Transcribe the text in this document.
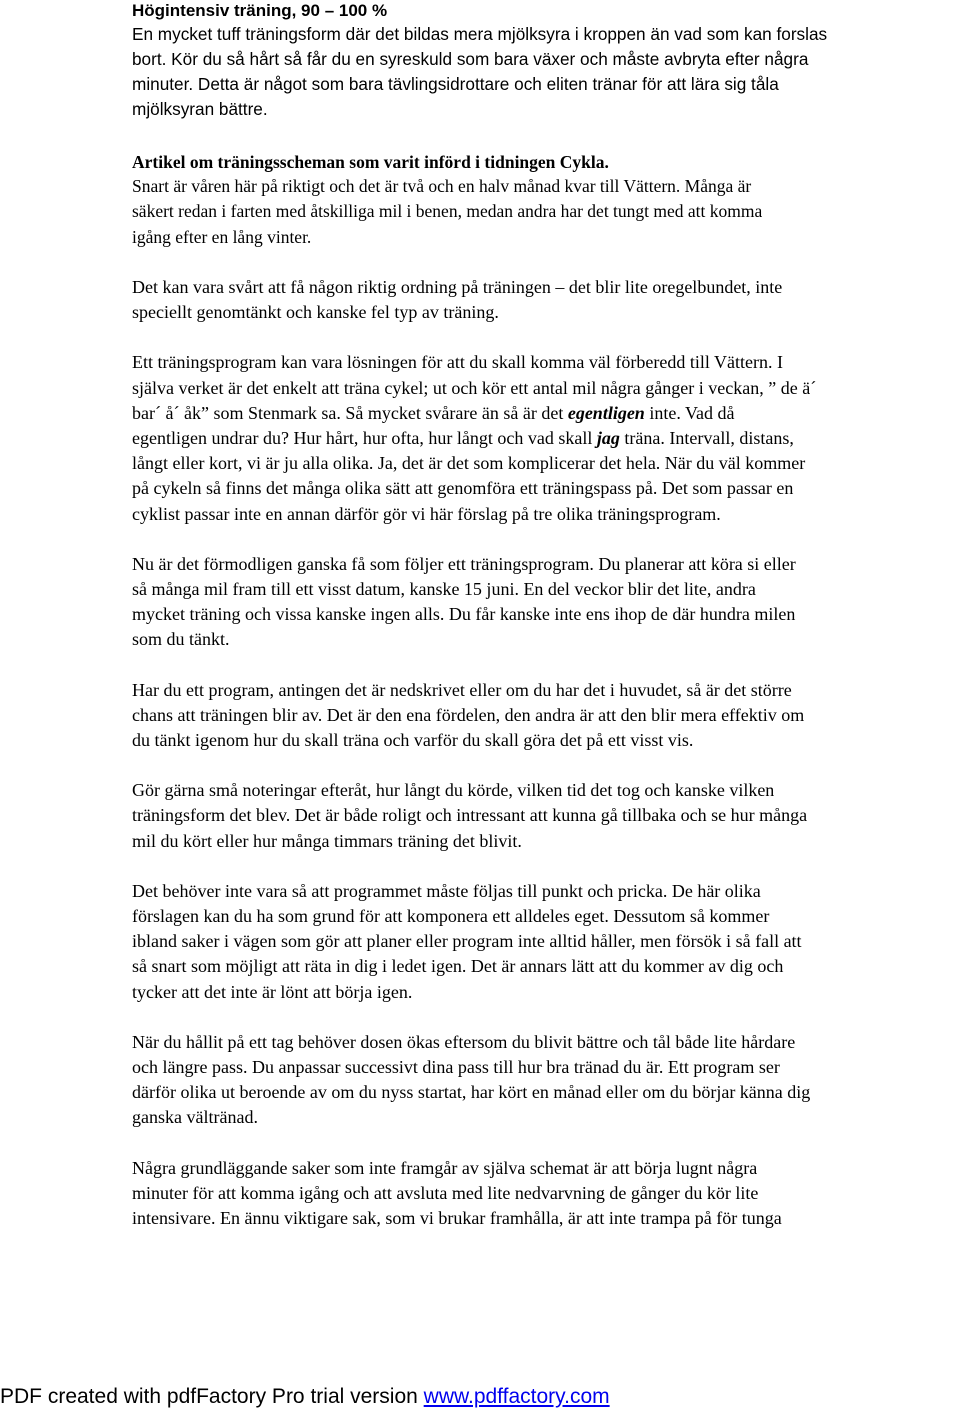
Högintensiv träning, 90 – 100 %
En mycket tuff träningsform där det bildas mera mjölksyra i kroppen än vad som kan forslas
bort. Kör du så hårt så får du en syreskuld som bara växer och måste avbryta efter några
minuter. Detta är något som bara tävlingsidrottare och eliten tränar för att lära sig tåla
mjölksyran bättre.
Artikel om träningsscheman som varit införd i tidningen Cykla.
Snart är våren här på riktigt och det är två och en halv månad kvar till Vättern. Många är
säkert redan i farten med åtskilliga mil i benen, medan andra har det tungt med att komma
igång efter en lång vinter.
Det kan vara svårt att få någon riktig ordning på träningen – det blir lite oregelbundet, inte
speciellt genomtänkt och kanske fel typ av träning.
Ett träningsprogram kan vara lösningen för att du skall komma väl förberedd till Vättern. I
själva verket är det enkelt att träna cykel; ut och kör ett antal mil några gånger i veckan, ” de ä´
bar´ å´ åk” som Stenmark sa. Så mycket svårare än så är det egentligen inte. Vad då
egentligen undrar du? Hur hårt, hur ofta, hur långt och vad skall jag träna. Intervall, distans,
långt eller kort, vi är ju alla olika. Ja, det är det som komplicerar det hela. När du väl kommer
på cykeln så finns det många olika sätt att genomföra ett träningspass på. Det som passar en
cyklist passar inte en annan därför gör vi här förslag på tre olika träningsprogram.
Nu är det förmodligen ganska få som följer ett träningsprogram. Du planerar att köra si eller
så många mil fram till ett visst datum, kanske 15 juni. En del veckor blir det lite, andra
mycket träning och vissa kanske ingen alls. Du får kanske inte ens ihop de där hundra milen
som du tänkt.
Har du ett program, antingen det är nedskrivet eller om du har det i huvudet, så är det större
chans att träningen blir av. Det är den ena fördelen, den andra är att den blir mera effektiv om
du tänkt igenom hur du skall träna och varför du skall göra det på ett visst vis.
Gör gärna små noteringar efteråt, hur långt du körde, vilken tid det tog och kanske vilken
träningsform det blev. Det är både roligt och intressant att kunna gå tillbaka och se hur många
mil du kört eller hur många timmars träning det blivit.
Det behöver inte vara så att programmet måste följas till punkt och pricka. De här olika
förslagen kan du ha som grund för att komponera ett alldeles eget. Dessutom så kommer
ibland saker i vägen som gör att planer eller program inte alltid håller, men försök i så fall att
så snart som möjligt att räta in dig i ledet igen. Det är annars lätt att du kommer av dig och
tycker att det inte är lönt att börja igen.
När du hållit på ett tag behöver dosen ökas eftersom du blivit bättre och tål både lite hårdare
och längre pass. Du anpassar successivt dina pass till hur bra tränad du är. Ett program ser
därför olika ut beroende av om du nyss startat, har kört en månad eller om du börjar känna dig
ganska vältränad.
Några grundläggande saker som inte framgår av själva schemat är att börja lugnt några
minuter för att komma igång och att avsluta med lite nedvarvning de gånger du kör lite
intensivare. En ännu viktigare sak, som vi brukar framhålla, är att inte trampa på för tunga
PDF created with pdfFactory Pro trial version www.pdffactory.com
